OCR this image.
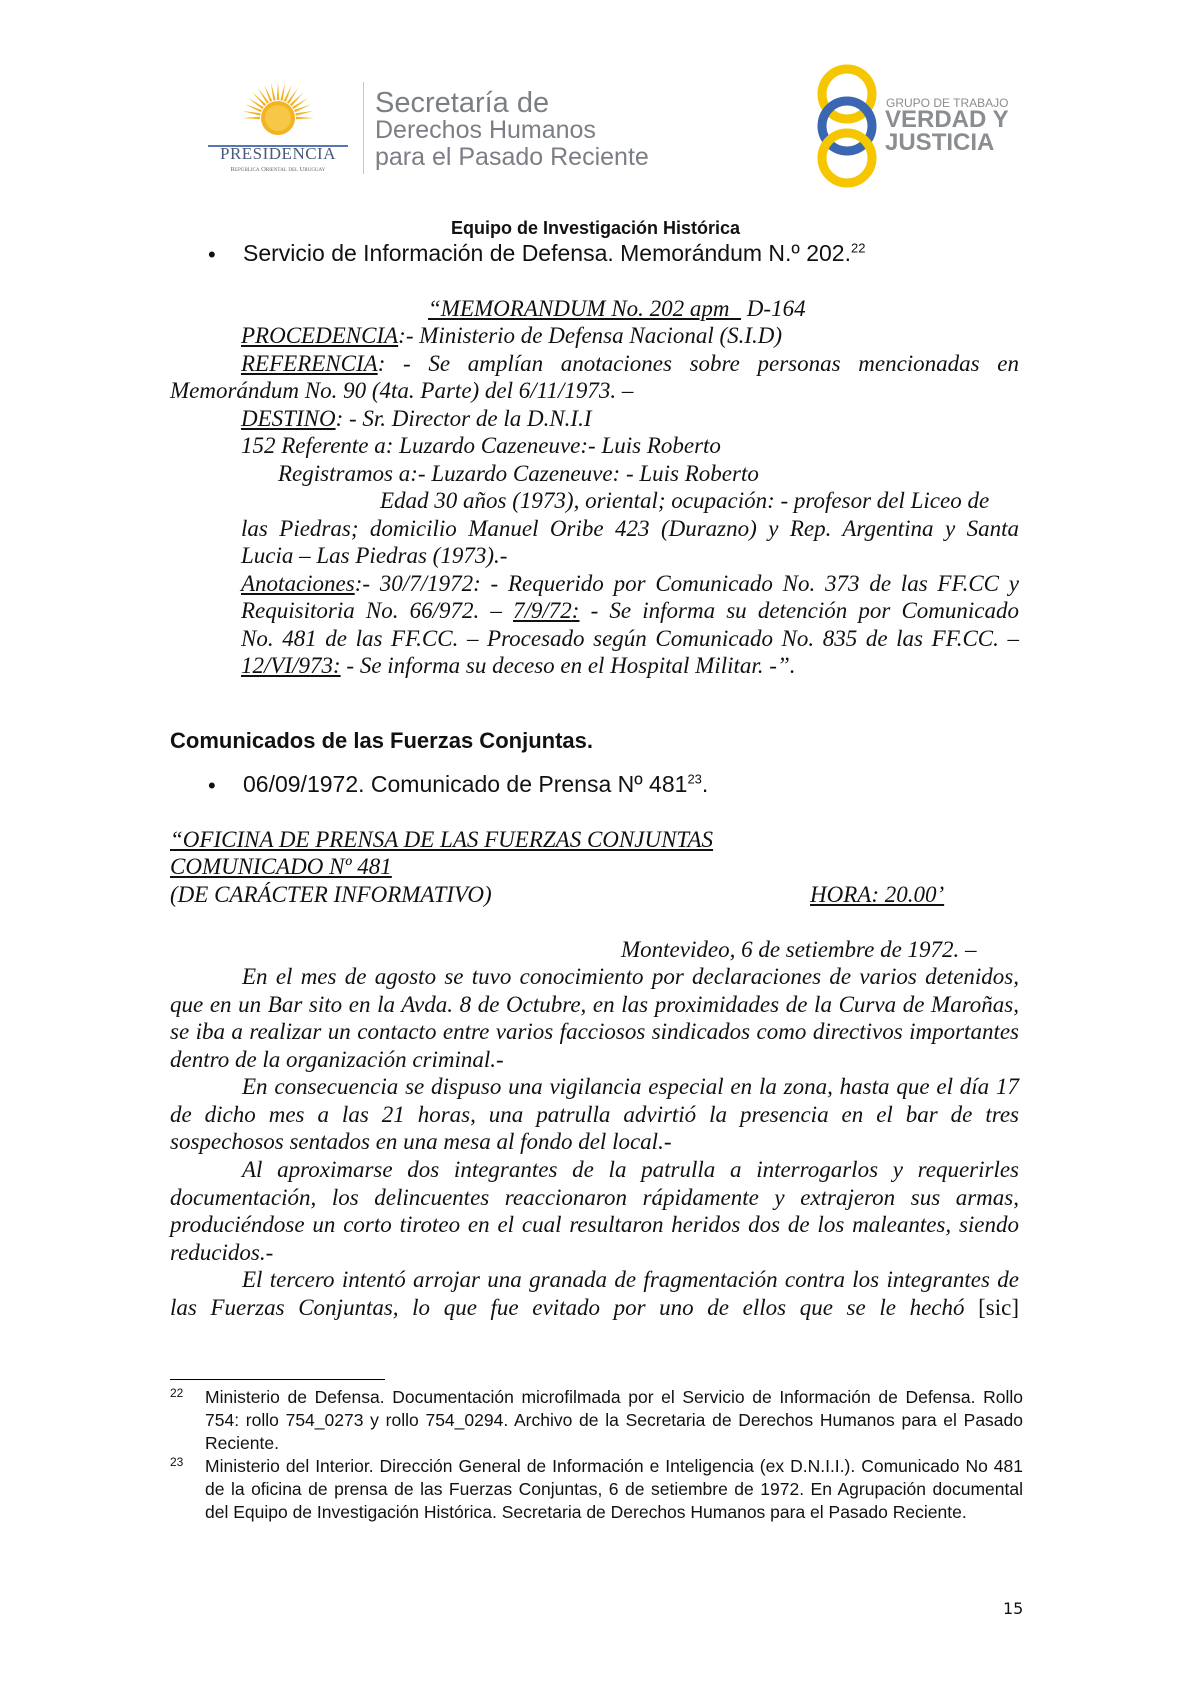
PRESIDENCIA
República Oriental del Uruguay
Secretaría de
Derechos Humanos
para el Pasado Reciente
GRUPO DE TRABAJO
VERDAD Y
JUSTICIA
Equipo de Investigación Histórica
• Servicio de Información de Defensa. Memorándum N.º 202.22
“MEMORANDUM No. 202 apm D-164
PROCEDENCIA:- Ministerio de Defensa Nacional (S.I.D)
REFERENCIA: - Se amplían anotaciones sobre personas mencionadas en
Memorándum No. 90 (4ta. Parte) del 6/11/1973. –
DESTINO: - Sr. Director de la D.N.I.I
152 Referente a: Luzardo Cazeneuve:- Luis Roberto
Registramos a:- Luzardo Cazeneuve: - Luis Roberto
Edad 30 años (1973), oriental; ocupación: - profesor del Liceo de
las Piedras; domicilio Manuel Oribe 423 (Durazno) y Rep. Argentina y Santa
Lucia – Las Piedras (1973).-
Anotaciones:- 30/7/1972: - Requerido por Comunicado No. 373 de las FF.CC y
Requisitoria No. 66/972. – 7/9/72: - Se informa su detención por Comunicado
No. 481 de las FF.CC. – Procesado según Comunicado No. 835 de las FF.CC. –
12/VI/973: - Se informa su deceso en el Hospital Militar. -”.
Comunicados de las Fuerzas Conjuntas.
• 06/09/1972. Comunicado de Prensa Nº $481^{23}$.
“OFICINA DE PRENSA DE LAS FUERZAS CONJUNTAS
COMUNICADO Nº 481
(DE CARÁCTER INFORMATIVO)	HORA: 20.00’
Montevideo, 6 de setiembre de 1972. –
En el mes de agosto se tuvo conocimiento por declaraciones de varios detenidos, que en un Bar sito en la Avda. 8 de Octubre, en las proximidades de la Curva de Maroñas, se iba a realizar un contacto entre varios facciosos sindicados como directivos importantes dentro de la organización criminal.-
En consecuencia se dispuso una vigilancia especial en la zona, hasta que el día 17 de dicho mes a las 21 horas, una patrulla advirtió la presencia en el bar de tres sospechosos sentados en una mesa al fondo del local.-
Al aproximarse dos integrantes de la patrulla a interrogarlos y requerirles documentación, los delincuentes reaccionaron rápidamente y extrajeron sus armas, produciéndose un corto tiroteo en el cual resultaron heridos dos de los maleantes, siendo reducidos.-
El tercero intentó arrojar una granada de fragmentación contra los integrantes de las Fuerzas Conjuntas, lo que fue evitado por uno de ellos que se le hechó [sic]
22 Ministerio de Defensa. Documentación microfilmada por el Servicio de Información de Defensa. Rollo 754: rollo 754_0273 y rollo 754_0294. Archivo de la Secretaria de Derechos Humanos para el Pasado Reciente.
23 Ministerio del Interior. Dirección General de Información e Inteligencia (ex D.N.I.I.). Comunicado No 481 de la oficina de prensa de las Fuerzas Conjuntas, 6 de setiembre de 1972. En Agrupación documental del Equipo de Investigación Histórica. Secretaria de Derechos Humanos para el Pasado Reciente.
15
